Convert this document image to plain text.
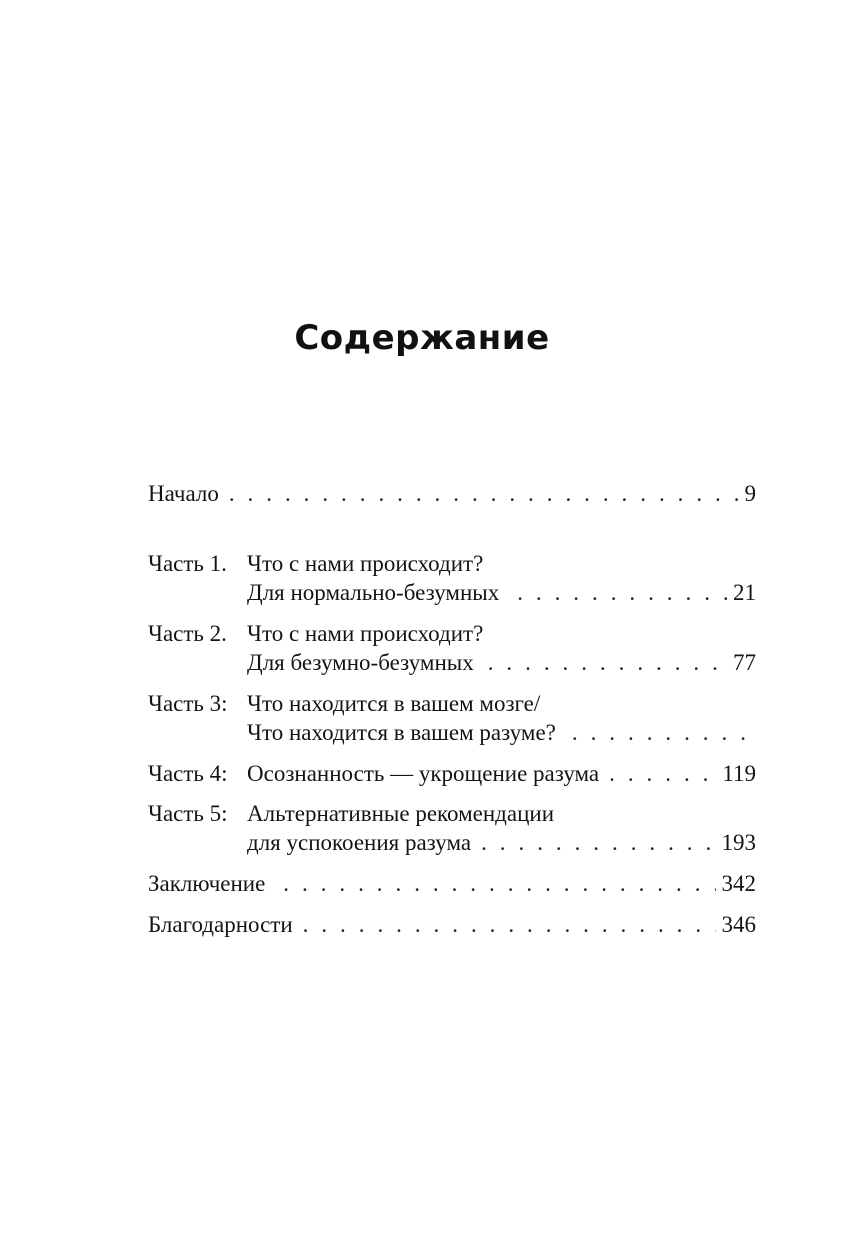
Содержание
Начало . . .	9
Часть 1. Что с нами происходит?
Для нормально-безумных . . .	21
Часть 2. Что с нами происходит?
Для безумно-безумных . . .	77
Часть 3: Что находится в вашем мозге/
Что находится в вашем разуме?
. . .
Часть 4: Осознанность — укрощение разума . . .	119
Часть 5: Альтернативные рекомендации
для успокоения разума . . .	193
Заключение . . .	342
Благодарности . . .	346
